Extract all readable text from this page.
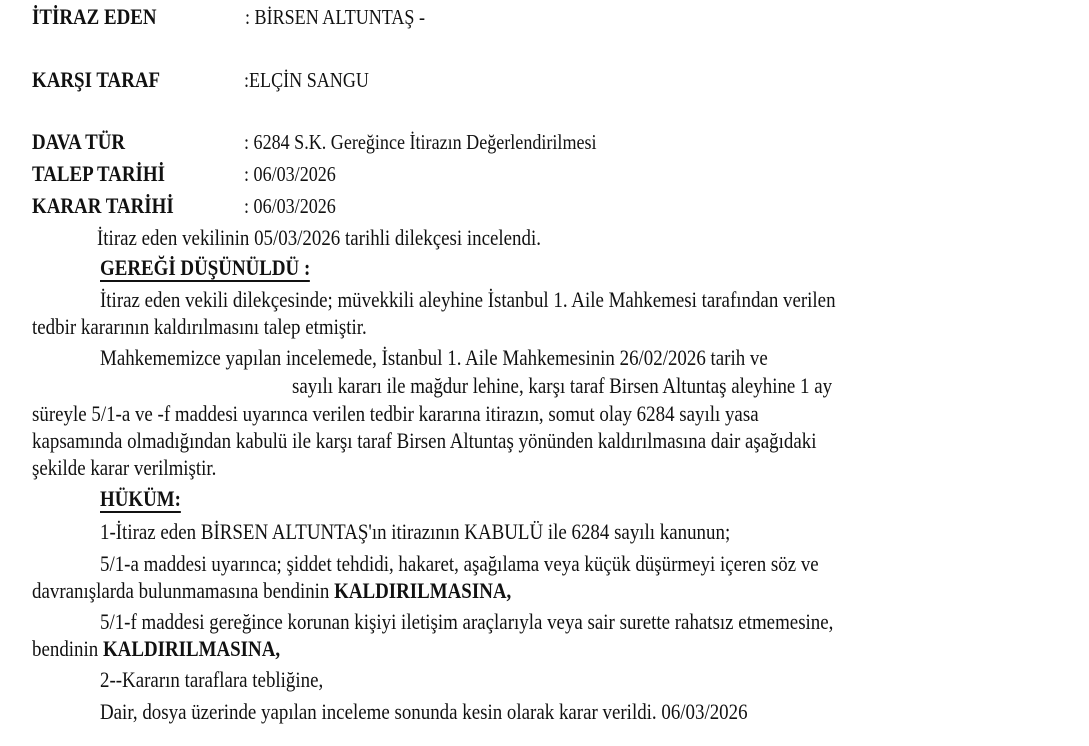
İTİRAZ EDEN	: BİRSEN ALTUNTAŞ -
KARŞI TARAF	:ELÇİN SANGU
DAVA TÜR	: 6284 S.K. Gereğince İtirazın Değerlendirilmesi
TALEP TARİHİ	: 06/03/2026
KARAR TARİHİ	: 06/03/2026
İtiraz eden vekilinin 05/03/2026 tarihli dilekçesi incelendi.
GEREĞİ DÜŞÜNÜLDÜ :
İtiraz eden vekili dilekçesinde; müvekkili aleyhine İstanbul 1. Aile Mahkemesi tarafından verilen
tedbir kararının kaldırılmasını talep etmiştir.
Mahkememizce yapılan incelemede, İstanbul 1. Aile Mahkemesinin 26/02/2026 tarih ve
sayılı kararı ile mağdur lehine, karşı taraf Birsen Altuntaş aleyhine 1 ay
süreyle 5/1-a ve -f maddesi uyarınca verilen tedbir kararına itirazın, somut olay 6284 sayılı yasa
kapsamında olmadığından kabulü ile karşı taraf Birsen Altuntaş yönünden kaldırılmasına dair aşağıdaki
şekilde karar verilmiştir.
HÜKÜM:
1-İtiraz eden BİRSEN ALTUNTAŞ'ın itirazının KABULÜ ile 6284 sayılı kanunun;
5/1-a maddesi uyarınca; şiddet tehdidi, hakaret, aşağılama veya küçük düşürmeyi içeren söz ve
davranışlarda bulunmamasına bendinin KALDIRILMASINA,
5/1-f maddesi gereğince korunan kişiyi iletişim araçlarıyla veya sair surette rahatsız etmemesine,
bendinin KALDIRILMASINA,
2--Kararın taraflara tebliğine,
Dair, dosya üzerinde yapılan inceleme sonunda kesin olarak karar verildi. 06/03/2026
